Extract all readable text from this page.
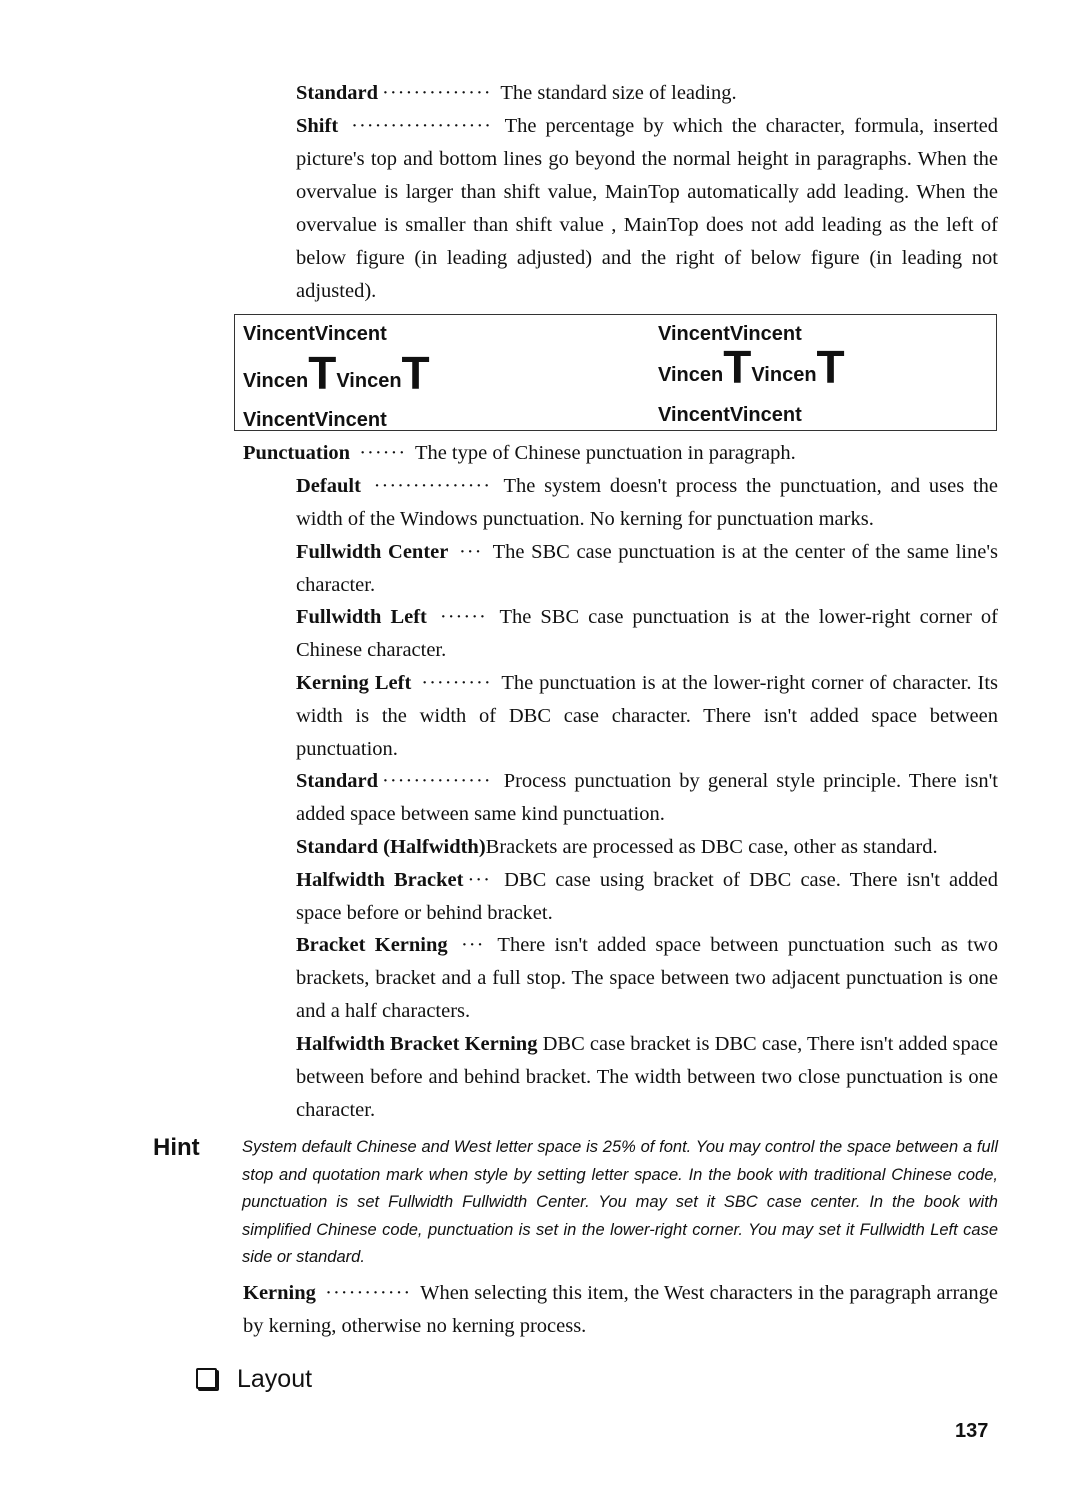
Standard ·············· The standard size of leading.
Shift ·················· The percentage by which the character, formula, inserted picture's top and bottom lines go beyond the normal height in paragraphs. When the overvalue is larger than shift value, MainTop automatically add leading. When the overvalue is smaller than shift value , MainTop does not add leading as the left of below figure (in leading adjusted) and the right of below figure (in leading not adjusted).
VincentVincent
VincenTVincenT
VincentVincent
VincentVincent
VincenTVincenT
VincentVincent
Punctuation ······ The type of Chinese punctuation in paragraph.
Default ··············· The system doesn't process the punctuation, and uses the width of the Windows punctuation. No kerning for punctuation marks.
Fullwidth Center ··· The SBC case punctuation is at the center of the same line's character.
Fullwidth Left ······ The SBC case punctuation is at the lower-right corner of Chinese character.
Kerning Left ········· The punctuation is at the lower-right corner of character. Its width is the width of DBC case character. There isn't added space between punctuation.
Standard ·············· Process punctuation by general style principle. There isn't added space between same kind punctuation.
Standard (Halfwidth)Brackets are processed as DBC case, other as standard.
Halfwidth Bracket ··· DBC case using bracket of DBC case. There isn't added space before or behind bracket.
Bracket Kerning ··· There isn't added space between punctuation such as two brackets, bracket and a full stop. The space between two adjacent punctuation is one and a half characters.
Halfwidth Bracket Kerning DBC case bracket is DBC case, There isn't added space between before and behind bracket. The width between two close punctuation is one character.
Hint	System default Chinese and West letter space is 25% of font. You may control the space between a full stop and quotation mark when style by setting letter space. In the book with traditional Chinese code, punctuation is set Fullwidth Fullwidth Center. You may set it SBC case center. In the book with simplified Chinese code, punctuation is set in the lower-right corner. You may set it Fullwidth Left case side or standard.
Kerning ··········· When selecting this item, the West characters in the paragraph arrange by kerning, otherwise no kerning process.
Layout
137
